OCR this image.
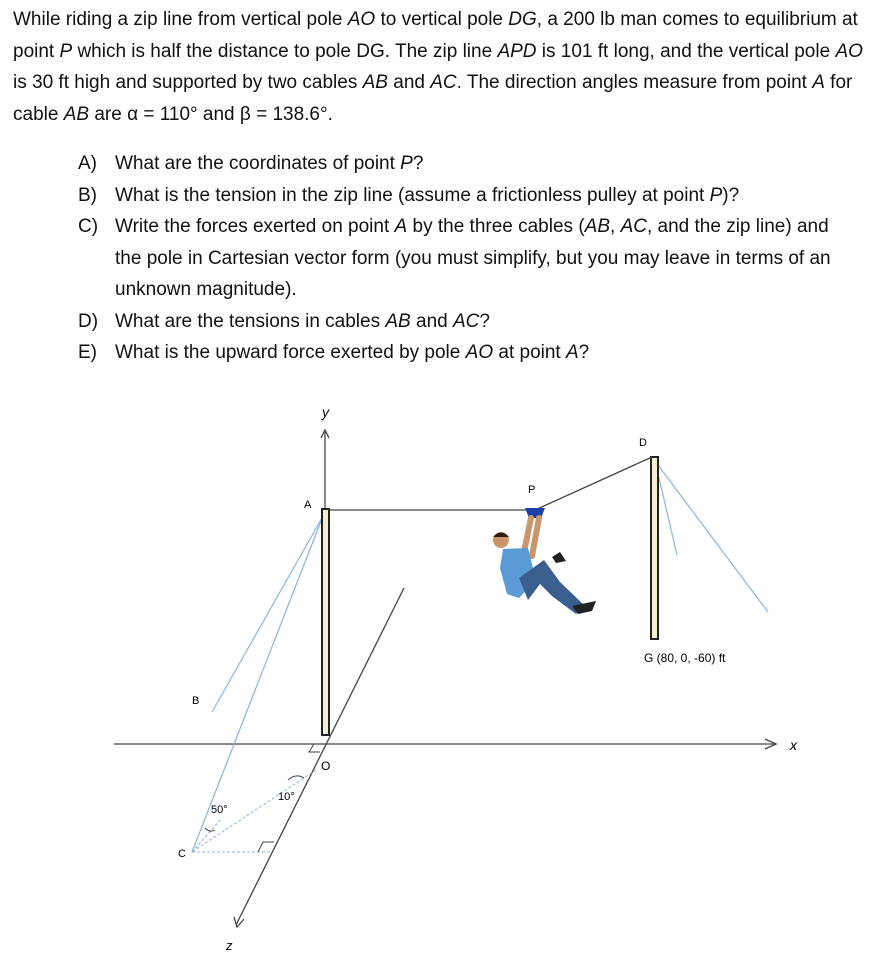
While riding a zip line from vertical pole AO to vertical pole DG, a 200 lb man comes to equilibrium at point P which is half the distance to pole DG. The zip line APD is 101 ft long, and the vertical pole AO is 30 ft high and supported by two cables AB and AC. The direction angles measure from point A for cable AB are α = 110° and β = 138.6°.

A) What are the coordinates of point P?
B) What is the tension in the zip line (assume a frictionless pulley at point P)?
C) Write the forces exerted on point A by the three cables (AB, AC, and the zip line) and the pole in Cartesian vector form (you must simplify, but you may leave in terms of an unknown magnitude).
D) What are the tensions in cables AB and AC?
E) What is the upward force exerted by pole AO at point A?
x
y
z
50°
10°
A
B
C
D
P
O
G (80, 0, -60) ft
